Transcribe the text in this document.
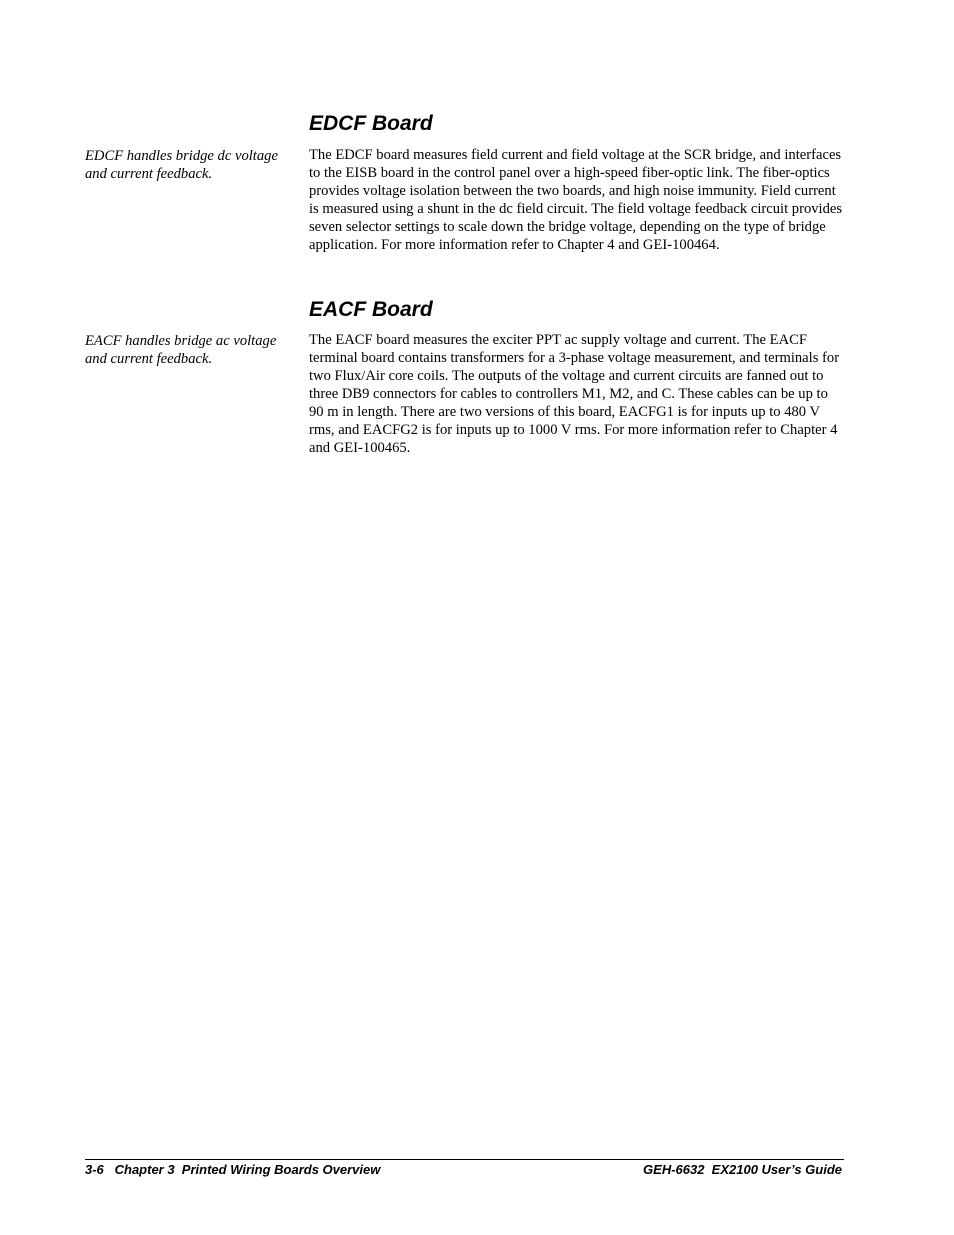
EDCF Board

EDCF handles bridge dc voltage and current feedback.

The EDCF board measures field current and field voltage at the SCR bridge, and interfaces to the EISB board in the control panel over a high-speed fiber-optic link. The fiber-optics provides voltage isolation between the two boards, and high noise immunity. Field current is measured using a shunt in the dc field circuit. The field voltage feedback circuit provides seven selector settings to scale down the bridge voltage, depending on the type of bridge application. For more information refer to Chapter 4 and GEI-100464.

EACF Board

EACF handles bridge ac voltage and current feedback.

The EACF board measures the exciter PPT ac supply voltage and current. The EACF terminal board contains transformers for a 3-phase voltage measurement, and terminals for two Flux/Air core coils. The outputs of the voltage and current circuits are fanned out to three DB9 connectors for cables to controllers M1, M2, and C. These cables can be up to 90 m in length. There are two versions of this board, EACFG1 is for inputs up to 480 V rms, and EACFG2 is for inputs up to 1000 V rms. For more information refer to Chapter 4 and GEI-100465.

3-6   Chapter 3  Printed Wiring Boards Overview	GEH-6632  EX2100 User’s Guide
